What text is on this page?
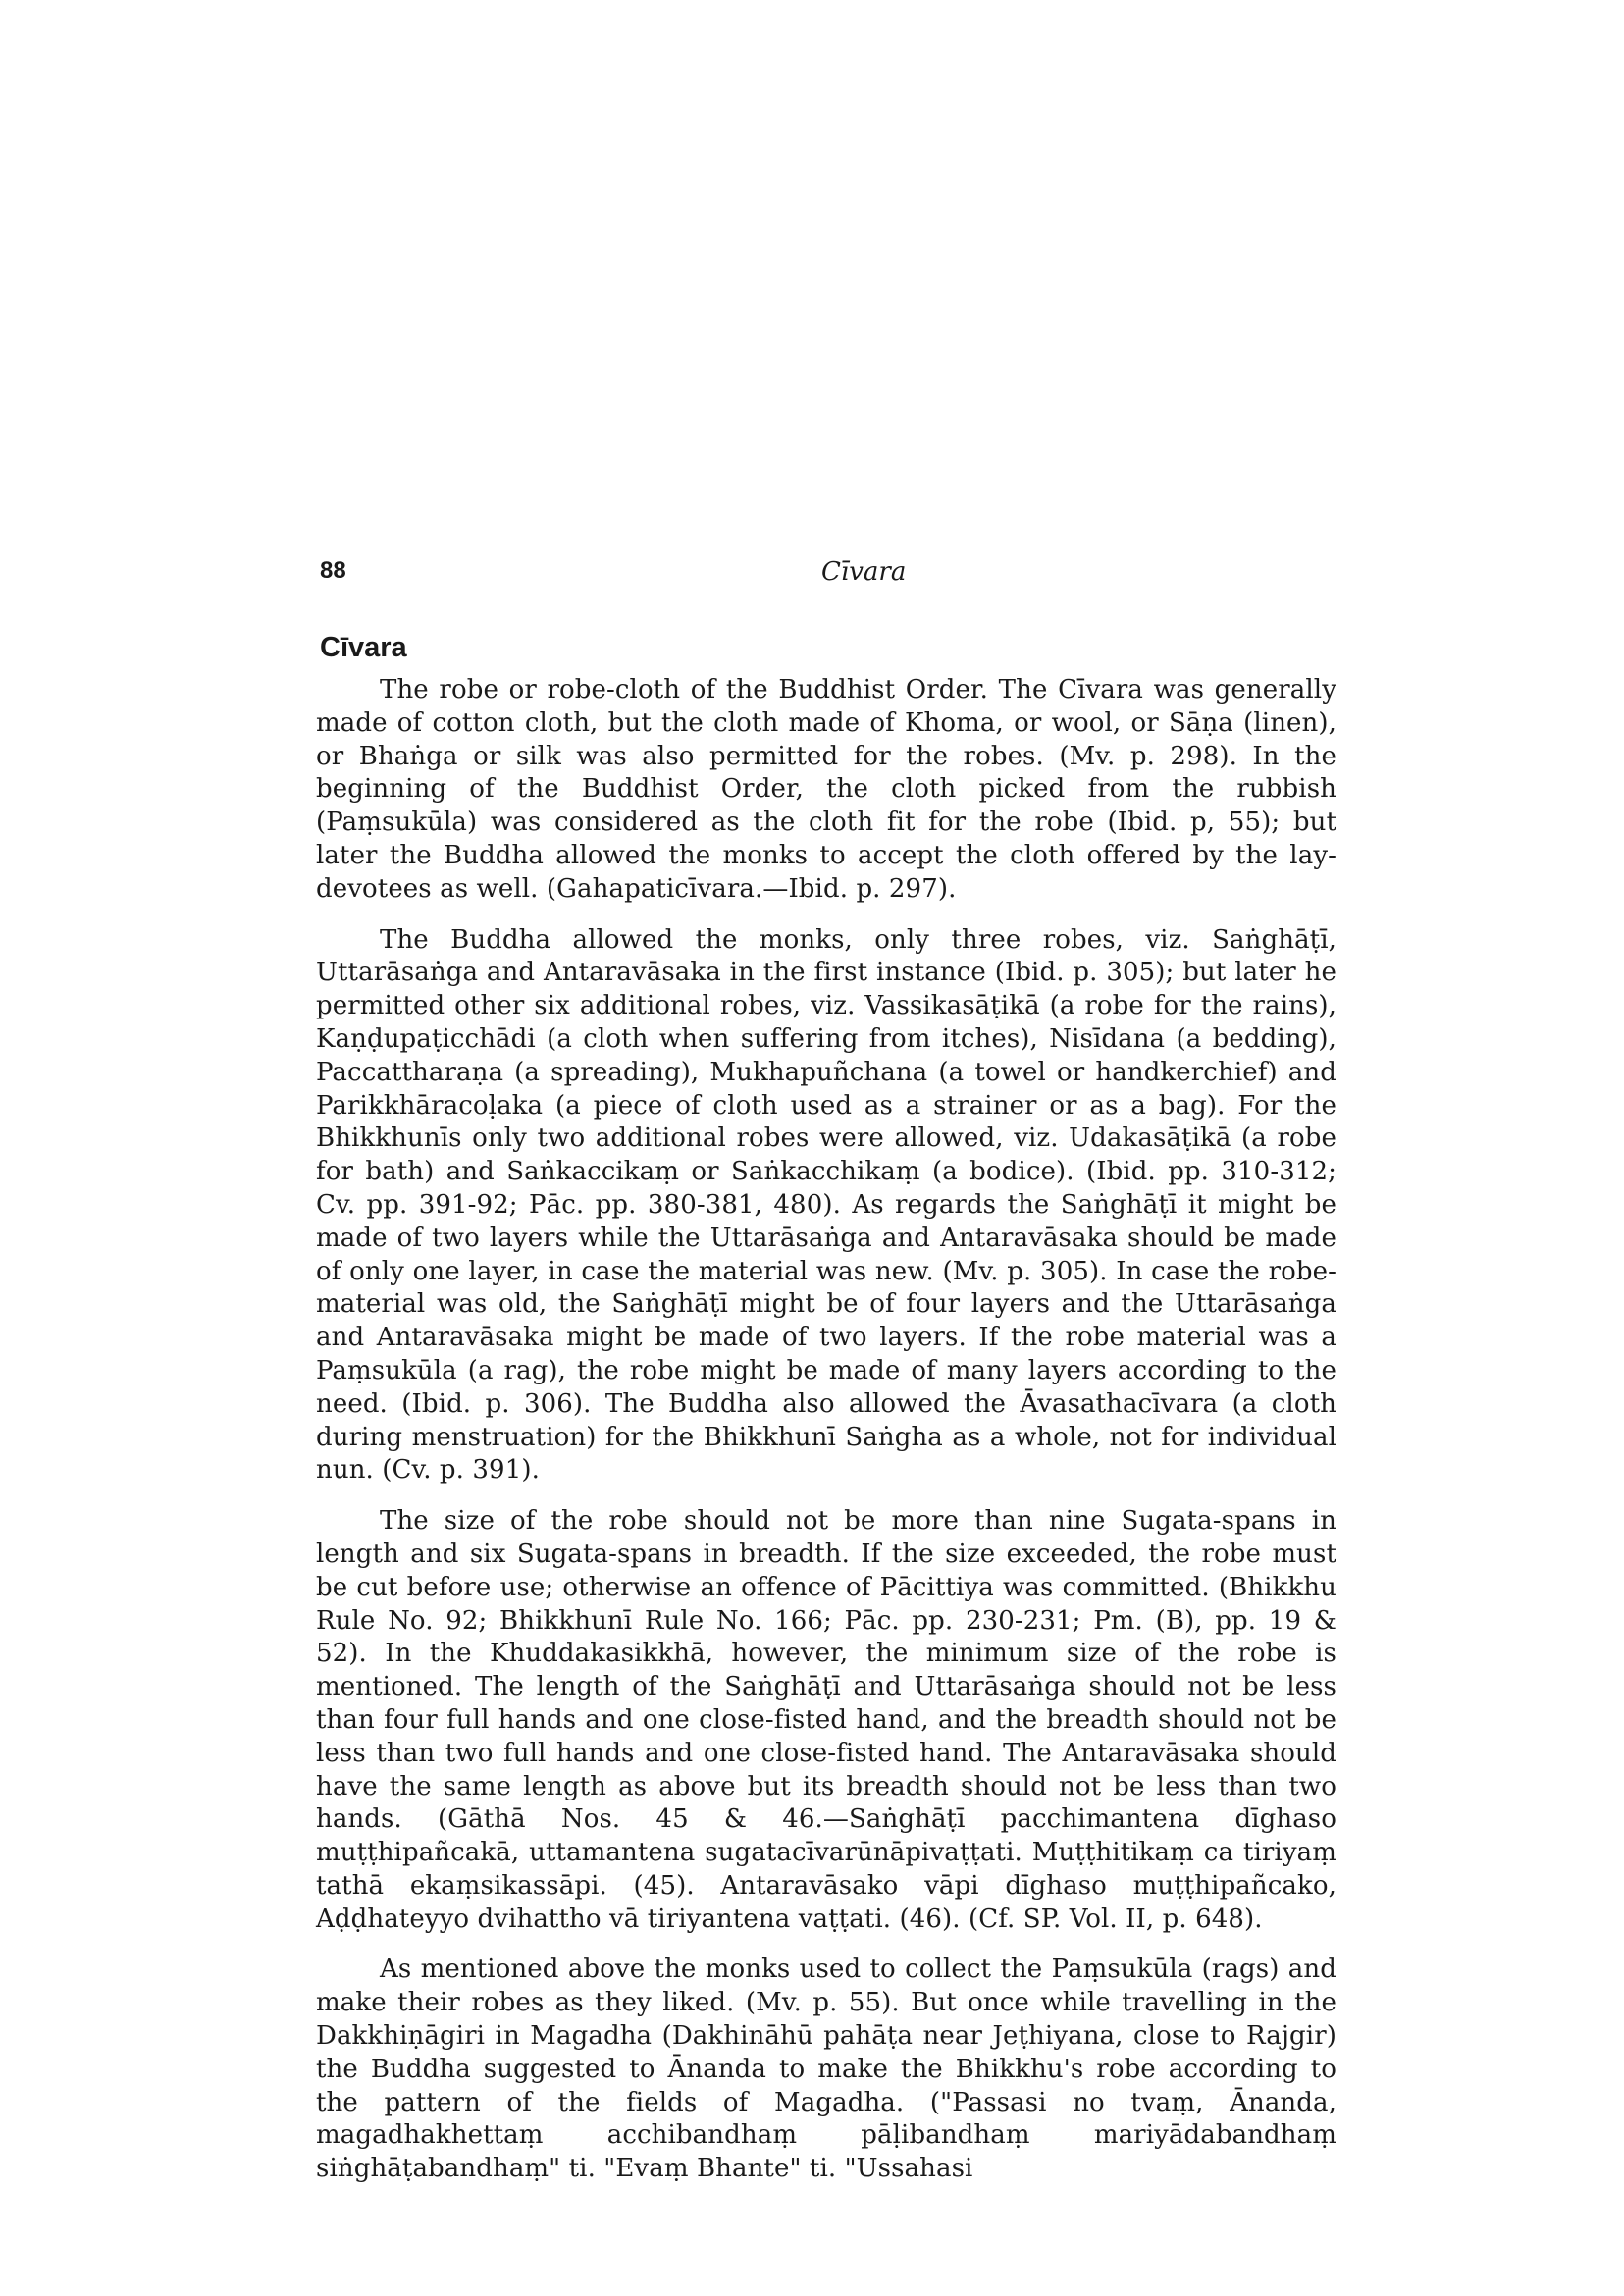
88	Cīvara
Cīvara

The robe or robe-cloth of the Buddhist Order. The Cīvara was generally made of cotton cloth, but the cloth made of Khoma, or wool, or Sāṇa (linen), or Bhaṅga or silk was also permitted for the robes. (Mv. p. 298). In the beginning of the Buddhist Order, the cloth picked from the rubbish (Paṃsukūla) was considered as the cloth fit for the robe (Ibid. p, 55); but later the Buddha allowed the monks to accept the cloth offered by the lay-devotees as well. (Gahapaticīvara.—Ibid. p. 297).

The Buddha allowed the monks, only three robes, viz. Saṅghāṭī, Uttarāsaṅga and Antaravāsaka in the first instance (Ibid. p. 305); but later he permitted other six additional robes, viz. Vassikasāṭikā (a robe for the rains), Kaṇḍupaṭicchādi (a cloth when suffering from itches), Nisīdana (a bedding), Paccattharaṇa (a spreading), Mukhapuñchana (a towel or handkerchief) and Parikkhāracoḷaka (a piece of cloth used as a strainer or as a bag). For the Bhikkhunīs only two additional robes were allowed, viz. Udakasāṭikā (a robe for bath) and Saṅkaccikaṃ or Saṅkacchikaṃ (a bodice). (Ibid. pp. 310-312; Cv. pp. 391-92; Pāc. pp. 380-381, 480). As regards the Saṅghāṭī it might be made of two layers while the Uttarāsaṅga and Antaravāsaka should be made of only one layer, in case the material was new. (Mv. p. 305). In case the robe-material was old, the Saṅghāṭī might be of four layers and the Uttarāsaṅga and Antaravāsaka might be made of two layers. If the robe material was a Paṃsukūla (a rag), the robe might be made of many layers according to the need. (Ibid. p. 306). The Buddha also allowed the Āvasathacīvara (a cloth during menstruation) for the Bhikkhunī Saṅgha as a whole, not for individual nun. (Cv. p. 391).

The size of the robe should not be more than nine Sugata-spans in length and six Sugata-spans in breadth. If the size exceeded, the robe must be cut before use; otherwise an offence of Pācittiya was committed. (Bhikkhu Rule No. 92; Bhikkhunī Rule No. 166; Pāc. pp. 230-231; Pm. (B), pp. 19 & 52). In the Khuddakasikkhā, however, the minimum size of the robe is mentioned. The length of the Saṅghāṭī and Uttarāsaṅga should not be less than four full hands and one close-fisted hand, and the breadth should not be less than two full hands and one close-fisted hand. The Antaravāsaka should have the same length as above but its breadth should not be less than two hands. (Gāthā Nos. 45 & 46.—Saṅghāṭī pacchimantena dīghaso muṭṭhipañcakā, uttamantena sugatacīvarūnāpivaṭṭati. Muṭṭhitikaṃ ca tiriyaṃ tathā ekaṃsikassāpi. (45). Antaravāsako vāpi dīghaso muṭṭhipañcako, Aḍḍhateyyo dvihattho vā tiriyantena vaṭṭati. (46). (Cf. SP. Vol. II, p. 648).

As mentioned above the monks used to collect the Paṃsukūla (rags) and make their robes as they liked. (Mv. p. 55). But once while travelling in the Dakkhiṇāgiri in Magadha (Dakhināhū pahāṭa near Jeṭhiyana, close to Rajgir) the Buddha suggested to Ānanda to make the Bhikkhu's robe according to the pattern of the fields of Magadha. ("Passasi no tvaṃ, Ānanda, magadhakhettaṃ acchibandhaṃ pāḷibandhaṃ mariyādabandhaṃ siṅghāṭabandhaṃ" ti. "Evaṃ Bhante" ti. "Ussahasi
